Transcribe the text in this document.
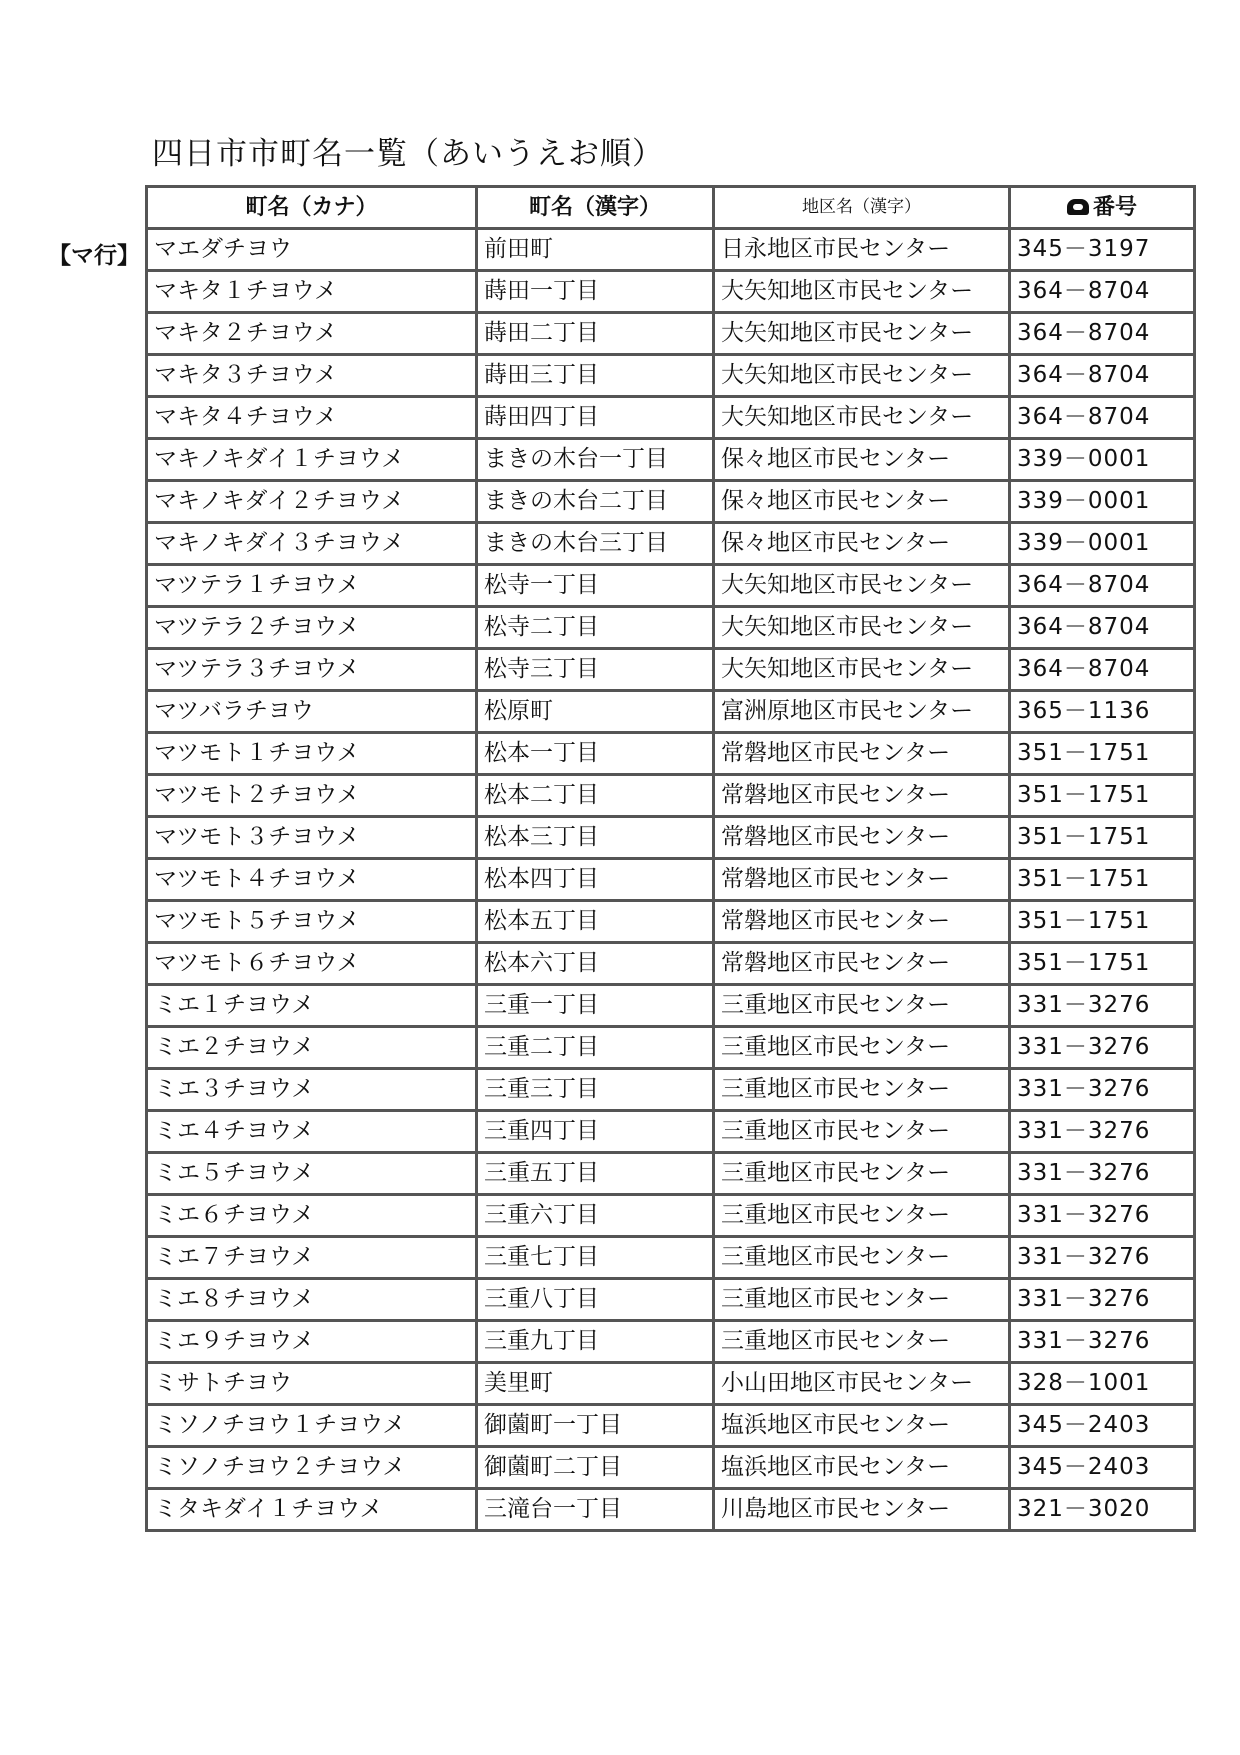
四日市市町名一覧（あいうえお順）
【マ行】
町名（カナ）	町名（漢字）	地区名（漢字）	番号
マエダチヨウ	前田町	日永地区市民センター	345－3197
マキタ１チヨウメ	蒔田一丁目	大矢知地区市民センター	364－8704
マキタ２チヨウメ	蒔田二丁目	大矢知地区市民センター	364－8704
マキタ３チヨウメ	蒔田三丁目	大矢知地区市民センター	364－8704
マキタ４チヨウメ	蒔田四丁目	大矢知地区市民センター	364－8704
マキノキダイ１チヨウメ	まきの木台一丁目	保々地区市民センター	339－0001
マキノキダイ２チヨウメ	まきの木台二丁目	保々地区市民センター	339－0001
マキノキダイ３チヨウメ	まきの木台三丁目	保々地区市民センター	339－0001
マツテラ１チヨウメ	松寺一丁目	大矢知地区市民センター	364－8704
マツテラ２チヨウメ	松寺二丁目	大矢知地区市民センター	364－8704
マツテラ３チヨウメ	松寺三丁目	大矢知地区市民センター	364－8704
マツバラチヨウ	松原町	富洲原地区市民センター	365－1136
マツモト１チヨウメ	松本一丁目	常磐地区市民センター	351－1751
マツモト２チヨウメ	松本二丁目	常磐地区市民センター	351－1751
マツモト３チヨウメ	松本三丁目	常磐地区市民センター	351－1751
マツモト４チヨウメ	松本四丁目	常磐地区市民センター	351－1751
マツモト５チヨウメ	松本五丁目	常磐地区市民センター	351－1751
マツモト６チヨウメ	松本六丁目	常磐地区市民センター	351－1751
ミエ１チヨウメ	三重一丁目	三重地区市民センター	331－3276
ミエ２チヨウメ	三重二丁目	三重地区市民センター	331－3276
ミエ３チヨウメ	三重三丁目	三重地区市民センター	331－3276
ミエ４チヨウメ	三重四丁目	三重地区市民センター	331－3276
ミエ５チヨウメ	三重五丁目	三重地区市民センター	331－3276
ミエ６チヨウメ	三重六丁目	三重地区市民センター	331－3276
ミエ７チヨウメ	三重七丁目	三重地区市民センター	331－3276
ミエ８チヨウメ	三重八丁目	三重地区市民センター	331－3276
ミエ９チヨウメ	三重九丁目	三重地区市民センター	331－3276
ミサトチヨウ	美里町	小山田地区市民センター	328－1001
ミソノチヨウ１チヨウメ	御薗町一丁目	塩浜地区市民センター	345－2403
ミソノチヨウ２チヨウメ	御薗町二丁目	塩浜地区市民センター	345－2403
ミタキダイ１チヨウメ	三滝台一丁目	川島地区市民センター	321－3020
